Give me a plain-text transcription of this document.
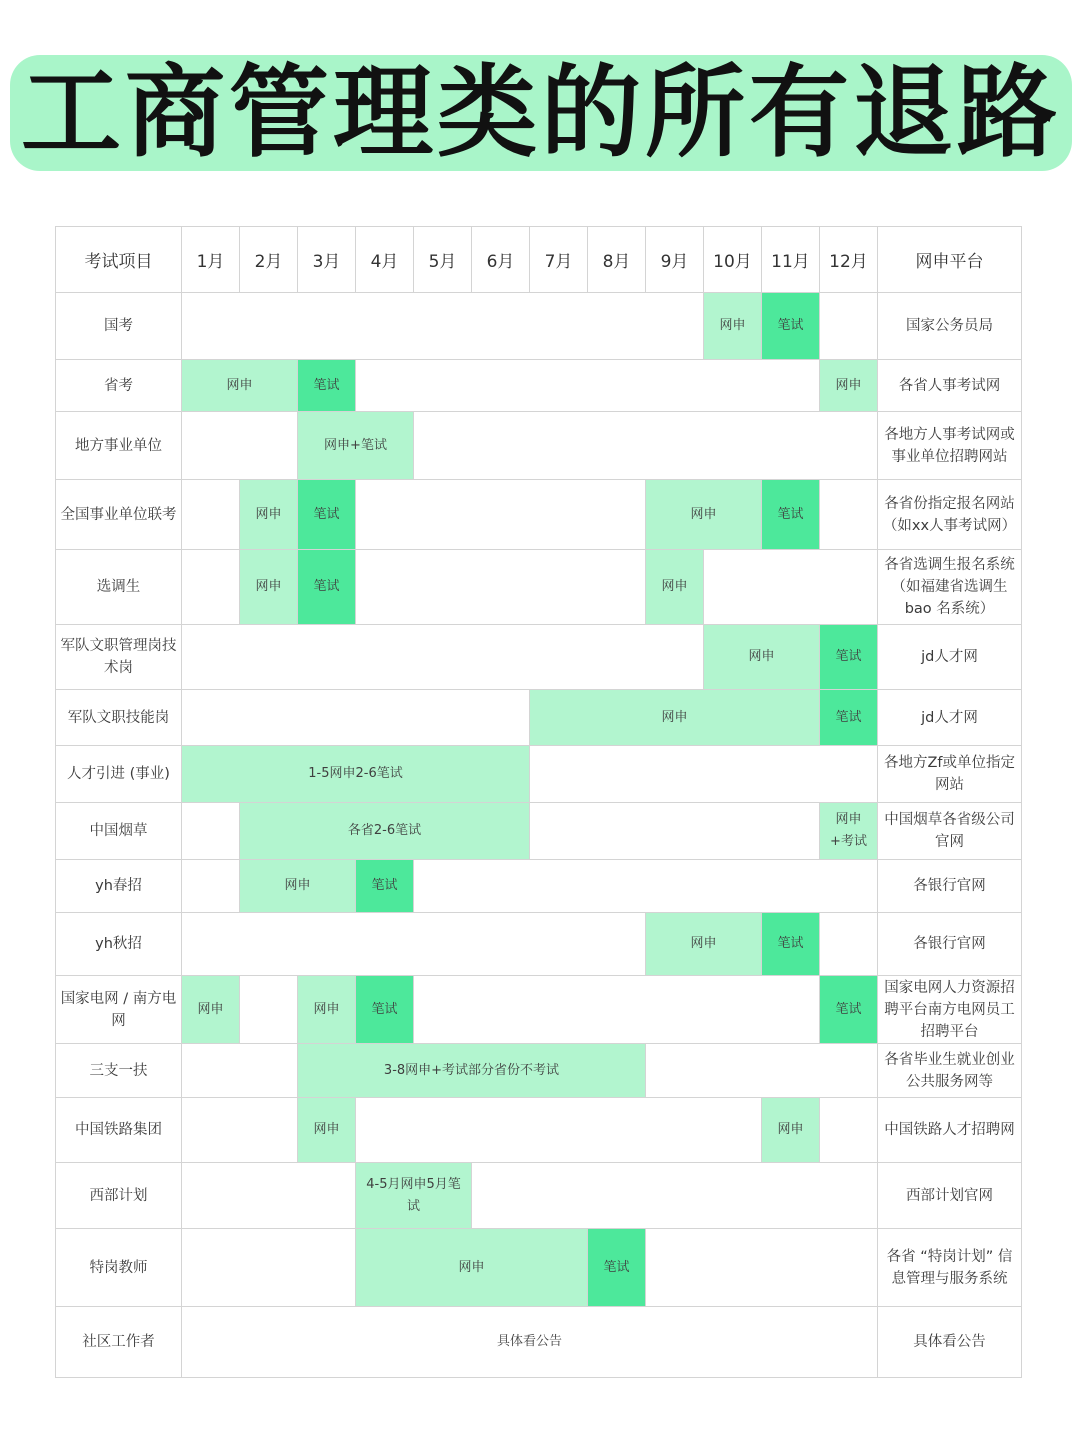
工商管理类的所有退路
考试项目	1月	2月	3月	4月	5月	6月	7月	8月	9月	10月	11月	12月	网申平台
国考										网申	笔试		国家公务员局
省考	网申		笔试									网申	各省人事考试网
地方事业单位			网申+笔试										各地方人事考试网或事业单位招聘网站
全国事业单位联考		网申	笔试						网申		笔试		各省份指定报名网站（如xx人事考试网）
选调生		网申	笔试						网申				各省选调生报名系统（如福建省选调生 bao 名系统）
军队文职管理岗技术岗										网申		笔试	jd人才网
军队文职技能岗							网申					笔试	jd人才网
人才引进 (事业)	1-5网申2-6笔试												各地方Zf或单位指定网站
中国烟草		各省2-6笔试										网申+考试	中国烟草各省级公司官网
yh春招		网申		笔试									各银行官网
yh秋招									网申		笔试		各银行官网
国家电网 / 南方电网	网申		网申	笔试								笔试	国家电网人力资源招聘平台南方电网员工招聘平台
三支一扶			3-8网申+考试部分省份不考试										各省毕业生就业创业公共服务网等
中国铁路集团			网申								网申		中国铁路人才招聘网
西部计划				4-5月网申5月笔试									西部计划官网
特岗教师				网申				笔试					各省 “特岗计划” 信息管理与服务系统
社区工作者	具体看公告												具体看公告
